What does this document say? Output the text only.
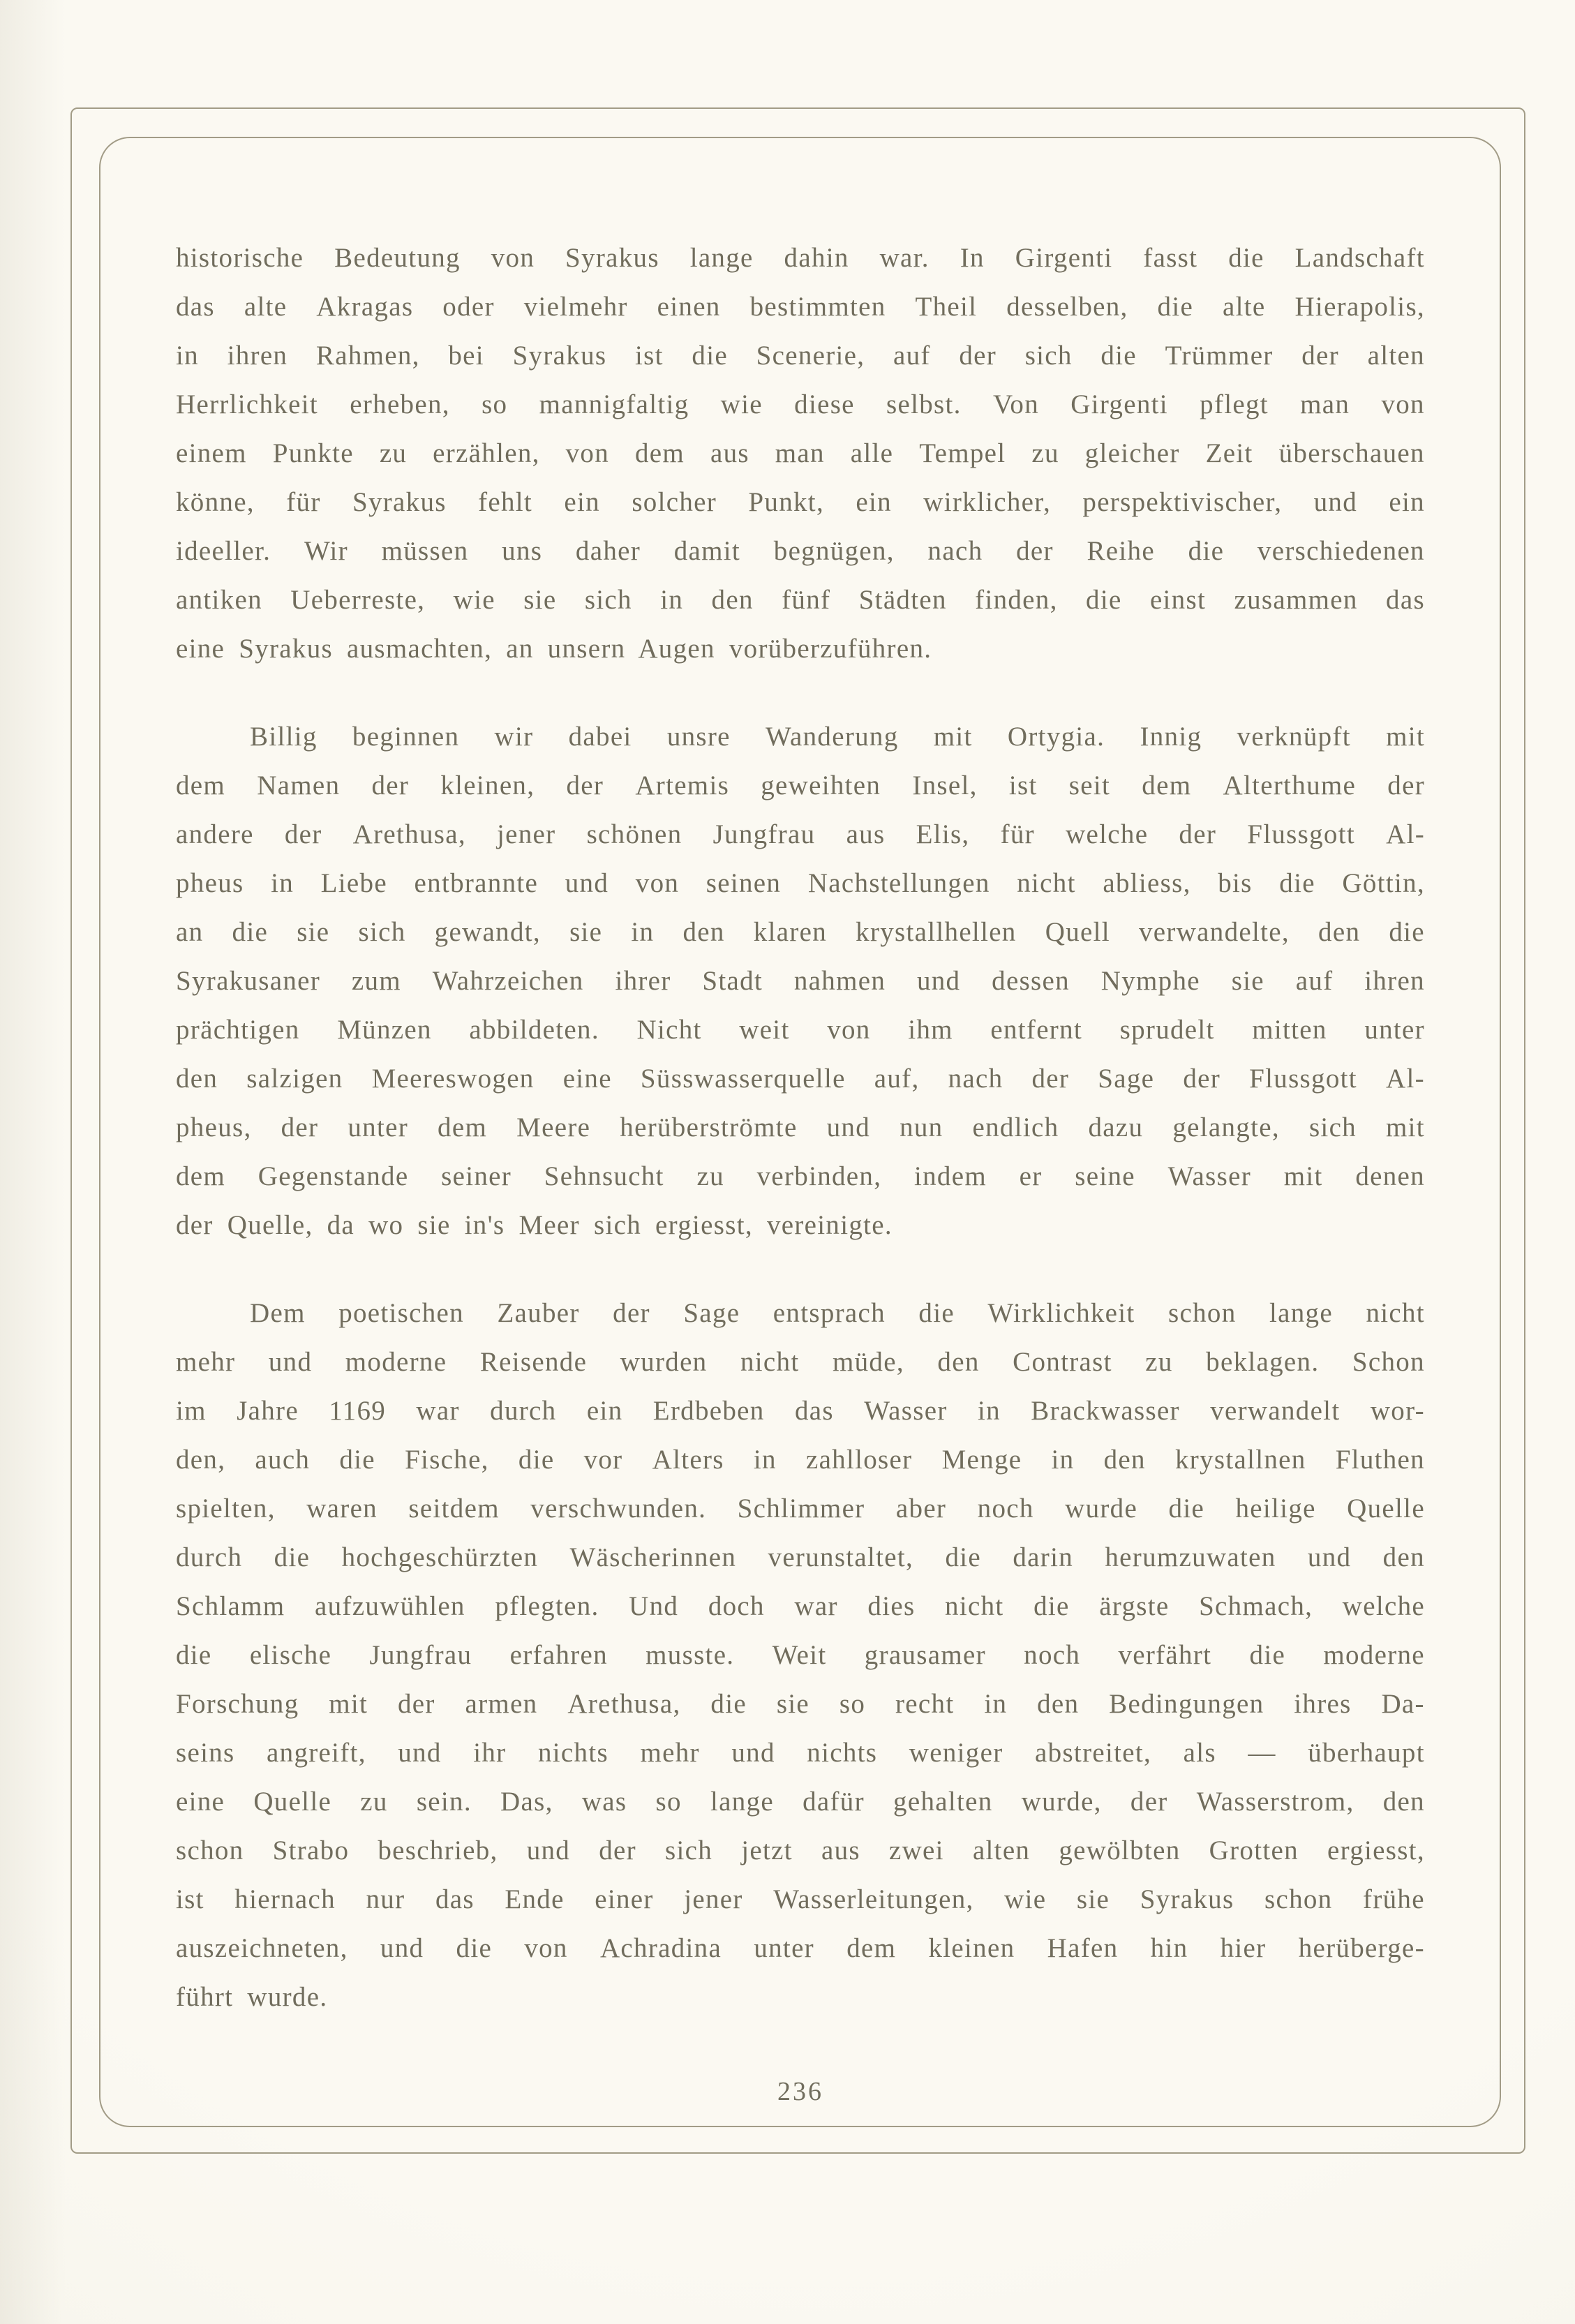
historische Bedeutung von Syrakus lange dahin war. In Girgenti fasst die Landschaft
das alte Akragas oder vielmehr einen bestimmten Theil desselben, die alte Hierapolis,
in ihren Rahmen, bei Syrakus ist die Scenerie, auf der sich die Trümmer der alten
Herrlichkeit erheben, so mannigfaltig wie diese selbst. Von Girgenti pflegt man von
einem Punkte zu erzählen, von dem aus man alle Tempel zu gleicher Zeit überschauen
könne, für Syrakus fehlt ein solcher Punkt, ein wirklicher, perspektivischer, und ein
ideeller. Wir müssen uns daher damit begnügen, nach der Reihe die verschiedenen
antiken Ueberreste, wie sie sich in den fünf Städten finden, die einst zusammen das
eine Syrakus ausmachten, an unsern Augen vorüberzuführen.
Billig beginnen wir dabei unsre Wanderung mit Ortygia. Innig verknüpft mit
dem Namen der kleinen, der Artemis geweihten Insel, ist seit dem Alterthume der
andere der Arethusa, jener schönen Jungfrau aus Elis, für welche der Flussgott Al-
pheus in Liebe entbrannte und von seinen Nachstellungen nicht abliess, bis die Göttin,
an die sie sich gewandt, sie in den klaren krystallhellen Quell verwandelte, den die
Syrakusaner zum Wahrzeichen ihrer Stadt nahmen und dessen Nymphe sie auf ihren
prächtigen Münzen abbildeten. Nicht weit von ihm entfernt sprudelt mitten unter
den salzigen Meereswogen eine Süsswasserquelle auf, nach der Sage der Flussgott Al-
pheus, der unter dem Meere herüberströmte und nun endlich dazu gelangte, sich mit
dem Gegenstande seiner Sehnsucht zu verbinden, indem er seine Wasser mit denen
der Quelle, da wo sie in's Meer sich ergiesst, vereinigte.
Dem poetischen Zauber der Sage entsprach die Wirklichkeit schon lange nicht
mehr und moderne Reisende wurden nicht müde, den Contrast zu beklagen. Schon
im Jahre 1169 war durch ein Erdbeben das Wasser in Brackwasser verwandelt wor-
den, auch die Fische, die vor Alters in zahlloser Menge in den krystallnen Fluthen
spielten, waren seitdem verschwunden. Schlimmer aber noch wurde die heilige Quelle
durch die hochgeschürzten Wäscherinnen verunstaltet, die darin herumzuwaten und den
Schlamm aufzuwühlen pflegten. Und doch war dies nicht die ärgste Schmach, welche
die elische Jungfrau erfahren musste. Weit grausamer noch verfährt die moderne
Forschung mit der armen Arethusa, die sie so recht in den Bedingungen ihres Da-
seins angreift, und ihr nichts mehr und nichts weniger abstreitet, als — überhaupt
eine Quelle zu sein. Das, was so lange dafür gehalten wurde, der Wasserstrom, den
schon Strabo beschrieb, und der sich jetzt aus zwei alten gewölbten Grotten ergiesst,
ist hiernach nur das Ende einer jener Wasserleitungen, wie sie Syrakus schon frühe
auszeichneten, und die von Achradina unter dem kleinen Hafen hin hier herüberge-
führt wurde.
236
